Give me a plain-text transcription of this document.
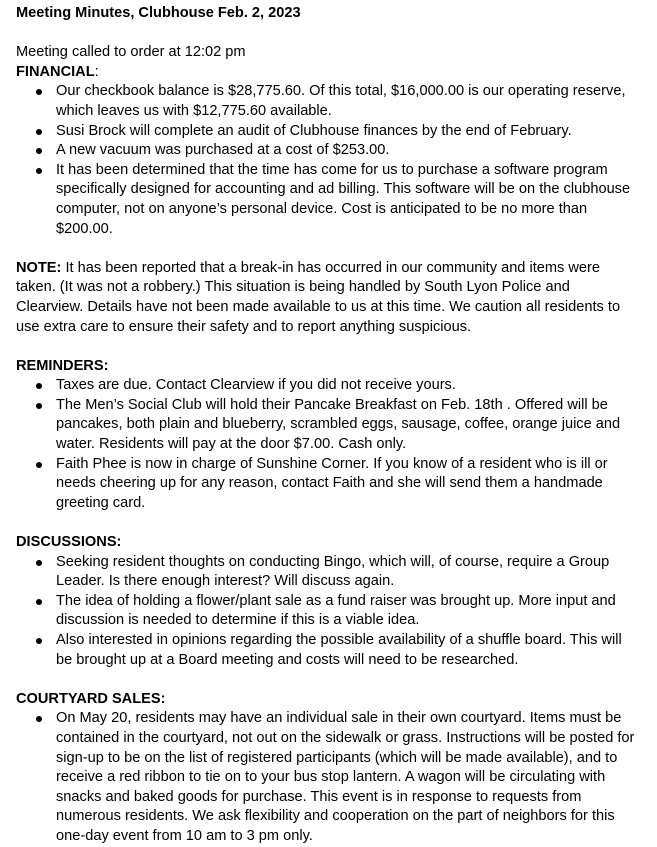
Meeting Minutes, Clubhouse Feb. 2, 2023

Meeting called to order at 12:02 pm

FINANCIAL:

Our checkbook balance is $28,775.60. Of this total, $16,000.00 is our operating reserve, which leaves us with $12,775.60 available.
Susi Brock will complete an audit of Clubhouse finances by the end of February.
A new vacuum was purchased at a cost of $253.00.
It has been determined that the time has come for us to purchase a software program specifically designed for accounting and ad billing. This software will be on the clubhouse computer, not on anyone’s personal device. Cost is anticipated to be no more than $200.00.

NOTE: It has been reported that a break-in has occurred in our community and items were taken. (It was not a robbery.) This situation is being handled by South Lyon Police and Clearview. Details have not been made available to us at this time. We caution all residents to use extra care to ensure their safety and to report anything suspicious.

REMINDERS:

Taxes are due. Contact Clearview if you did not receive yours.
The Men’s Social Club will hold their Pancake Breakfast on Feb. 18th . Offered will be pancakes, both plain and blueberry, scrambled eggs, sausage, coffee, orange juice and water. Residents will pay at the door $7.00. Cash only.
Faith Phee is now in charge of Sunshine Corner. If you know of a resident who is ill or needs cheering up for any reason, contact Faith and she will send them a handmade greeting card.

DISCUSSIONS:

Seeking resident thoughts on conducting Bingo, which will, of course, require a Group Leader. Is there enough interest? Will discuss again.
The idea of holding a flower/plant sale as a fund raiser was brought up. More input and discussion is needed to determine if this is a viable idea.
Also interested in opinions regarding the possible availability of a shuffle board. This will be brought up at a Board meeting and costs will need to be researched.

COURTYARD SALES:

On May 20, residents may have an individual sale in their own courtyard. Items must be contained in the courtyard, not out on the sidewalk or grass. Instructions will be posted for sign-up to be on the list of registered participants (which will be made available), and to receive a red ribbon to tie on to your bus stop lantern. A wagon will be circulating with snacks and baked goods for purchase. This event is in response to requests from numerous residents. We ask flexibility and cooperation on the part of neighbors for this one-day event from 10 am to 3 pm only.
